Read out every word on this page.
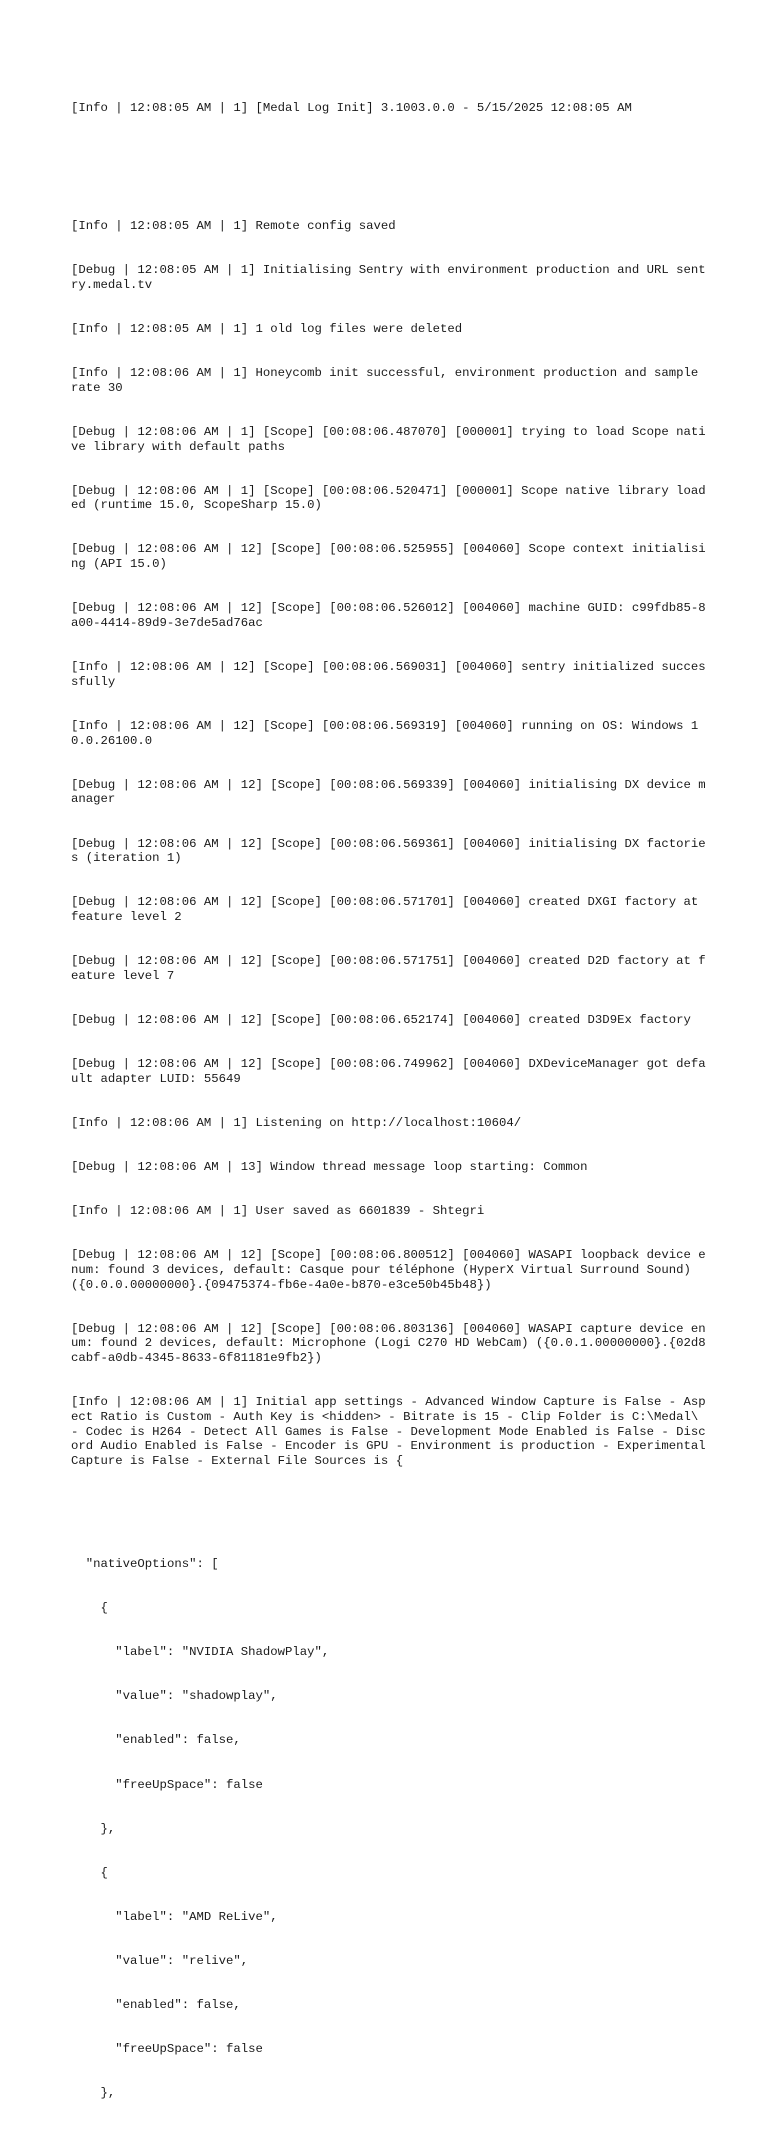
[Info | 12:08:05 AM | 1] [Medal Log Init] 3.1003.0.0 - 5/15/2025 12:08:05 AM

[Info | 12:08:05 AM | 1] Remote config saved

[Debug | 12:08:05 AM | 1] Initialising Sentry with environment production and URL sentry.medal.tv

[Info | 12:08:05 AM | 1] 1 old log files were deleted

[Info | 12:08:06 AM | 1] Honeycomb init successful, environment production and sample rate 30

[Debug | 12:08:06 AM | 1] [Scope] [00:08:06.487070] [000001] trying to load Scope native library with default paths

[Debug | 12:08:06 AM | 1] [Scope] [00:08:06.520471] [000001] Scope native library loaded (runtime 15.0, ScopeSharp 15.0)

[Debug | 12:08:06 AM | 12] [Scope] [00:08:06.525955] [004060] Scope context initialising (API 15.0)

[Debug | 12:08:06 AM | 12] [Scope] [00:08:06.526012] [004060] machine GUID: c99fdb85-8a00-4414-89d9-3e7de5ad76ac

[Info | 12:08:06 AM | 12] [Scope] [00:08:06.569031] [004060] sentry initialized successfully

[Info | 12:08:06 AM | 12] [Scope] [00:08:06.569319] [004060] running on OS: Windows 10.0.26100.0

[Debug | 12:08:06 AM | 12] [Scope] [00:08:06.569339] [004060] initialising DX device manager

[Debug | 12:08:06 AM | 12] [Scope] [00:08:06.569361] [004060] initialising DX factories (iteration 1)

[Debug | 12:08:06 AM | 12] [Scope] [00:08:06.571701] [004060] created DXGI factory at feature level 2

[Debug | 12:08:06 AM | 12] [Scope] [00:08:06.571751] [004060] created D2D factory at feature level 7

[Debug | 12:08:06 AM | 12] [Scope] [00:08:06.652174] [004060] created D3D9Ex factory

[Debug | 12:08:06 AM | 12] [Scope] [00:08:06.749962] [004060] DXDeviceManager got default adapter LUID: 55649

[Info | 12:08:06 AM | 1] Listening on http://localhost:10604/

[Debug | 12:08:06 AM | 13] Window thread message loop starting: Common

[Info | 12:08:06 AM | 1] User saved as 6601839 - Shtegri

[Debug | 12:08:06 AM | 12] [Scope] [00:08:06.800512] [004060] WASAPI loopback device enum: found 3 devices, default: Casque pour téléphone (HyperX Virtual Surround Sound) ({0.0.0.00000000}.{09475374-fb6e-4a0e-b870-e3ce50b45b48})

[Debug | 12:08:06 AM | 12] [Scope] [00:08:06.803136] [004060] WASAPI capture device enum: found 2 devices, default: Microphone (Logi C270 HD WebCam) ({0.0.1.00000000}.{02d8cabf-a0db-4345-8633-6f81181e9fb2})

[Info | 12:08:06 AM | 1] Initial app settings - Advanced Window Capture is False - Aspect Ratio is Custom - Auth Key is <hidden> - Bitrate is 15 - Clip Folder is C:\Medal\ - Codec is H264 - Detect All Games is False - Development Mode Enabled is False - Discord Audio Enabled is False - Encoder is GPU - Environment is production - Experimental Capture is False - External File Sources is {

"nativeOptions": [

{

"label": "NVIDIA ShadowPlay",

"value": "shadowplay",

"enabled": false,

"freeUpSpace": false

},

{

"label": "AMD ReLive",

"value": "relive",

"enabled": false,

"freeUpSpace": false

},
